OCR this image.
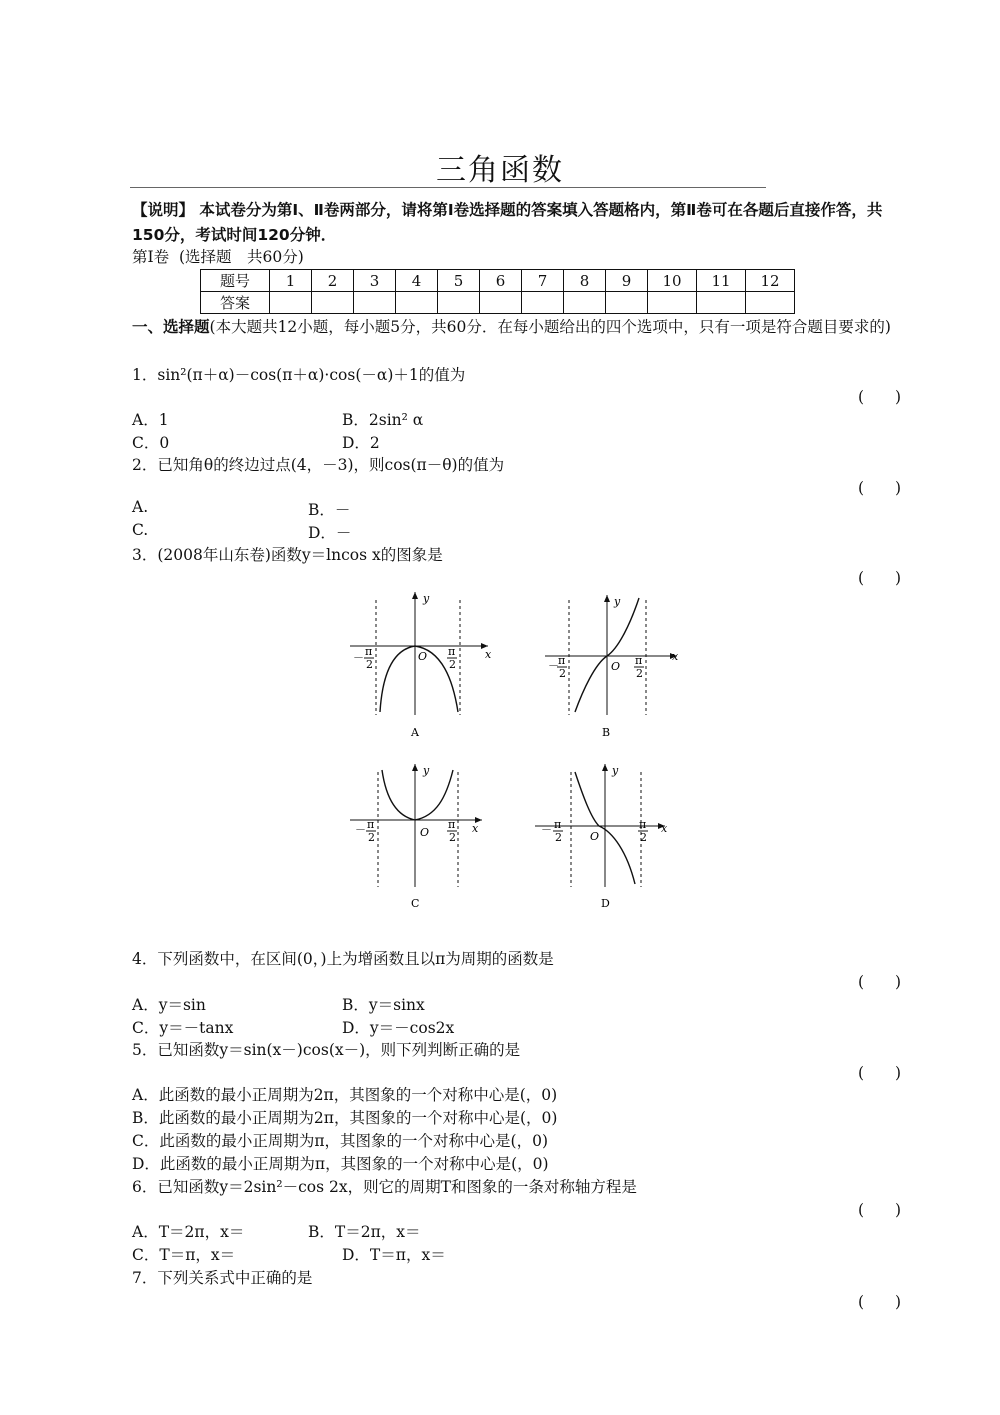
三角函数
【说明】 本试卷分为第Ⅰ、Ⅱ卷两部分，请将第Ⅰ卷选择题的答案填入答题格内，第Ⅱ卷可在各题后直接作答，共150分，考试时间120分钟．
第Ⅰ卷 (选择题　共60分)
题号	1	2	3	4	5	6	7	8	9	10	11	12
答案												
一、选择题(本大题共12小题，每小题5分，共60分．在每小题给出的四个选项中，只有一项是符合题目要求的)
1．sin²(π＋α)－cos(π＋α)·cos(－α)＋1的值为
(　　)
A．1	B．2sin² α
C．0	D．2
2．已知角θ的终边过点(4，－3)，则cos(π－θ)的值为
(　　)
A.	B．－
C.	D．－
3．(2008年山东卷)函数y＝lncos x的图象是
(　　)
x
y
O
－ π
2
π
2
A
x
y
O
－ π
2
π
2
B
x
y
O
－ π
2
π
2
C
x
y
O
－ π
2
π
2
D
4．下列函数中，在区间(0，)上为增函数且以π为周期的函数是
(　　)
A．y＝sin	B．y＝sinx
C．y＝－tanx	D．y＝－cos2x
5．已知函数y＝sin(x－)cos(x－)，则下列判断正确的是
(　　)
A．此函数的最小正周期为2π，其图象的一个对称中心是(，0)
B．此函数的最小正周期为2π，其图象的一个对称中心是(，0)
C．此函数的最小正周期为π，其图象的一个对称中心是(，0)
D．此函数的最小正周期为π，其图象的一个对称中心是(，0)
6．已知函数y＝2sin²－cos 2x，则它的周期T和图象的一条对称轴方程是
(　　)
A．T＝2π，x＝	B．T＝2π，x＝
C．T＝π，x＝	D．T＝π，x＝
7．下列关系式中正确的是
(　　)
